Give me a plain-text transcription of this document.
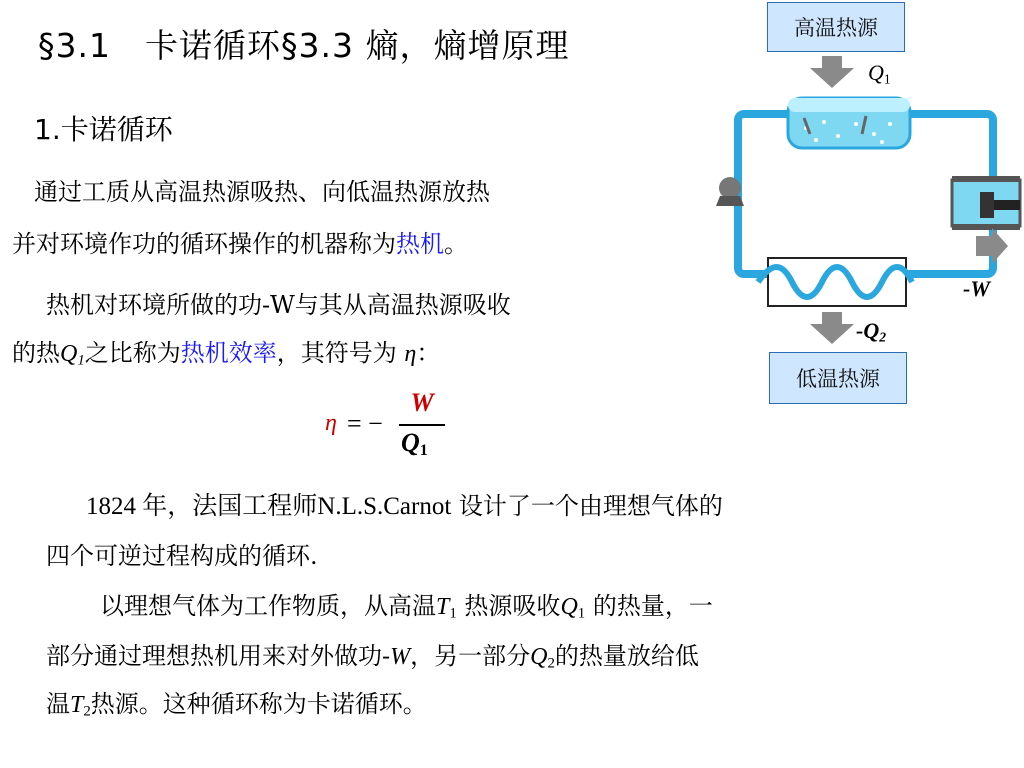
§3.1　卡诺循环§3.3 熵，熵增原理
1.卡诺循环
通过工质从高温热源吸热、向低温热源放热
并对环境作功的循环操作的机器称为热机。
热机对环境所做的功-W与其从高温热源吸收
的热$Q_1$之比称为热机效率，其符号为 η：
η = −
W
$Q_1$
1824 年，法国工程师N.L.S.Carnot 设计了一个由理想气体的
四个可逆过程构成的循环.
以理想气体为工作物质，从高温$T_1$ 热源吸收$Q_1$ 的热量，一
部分通过理想热机用来对外做功-W，另一部分$Q_2$的热量放给低
温$T_2$热源。这种循环称为卡诺循环。
高温热源
$Q_1$
-W
$-Q_2$
低温热源
